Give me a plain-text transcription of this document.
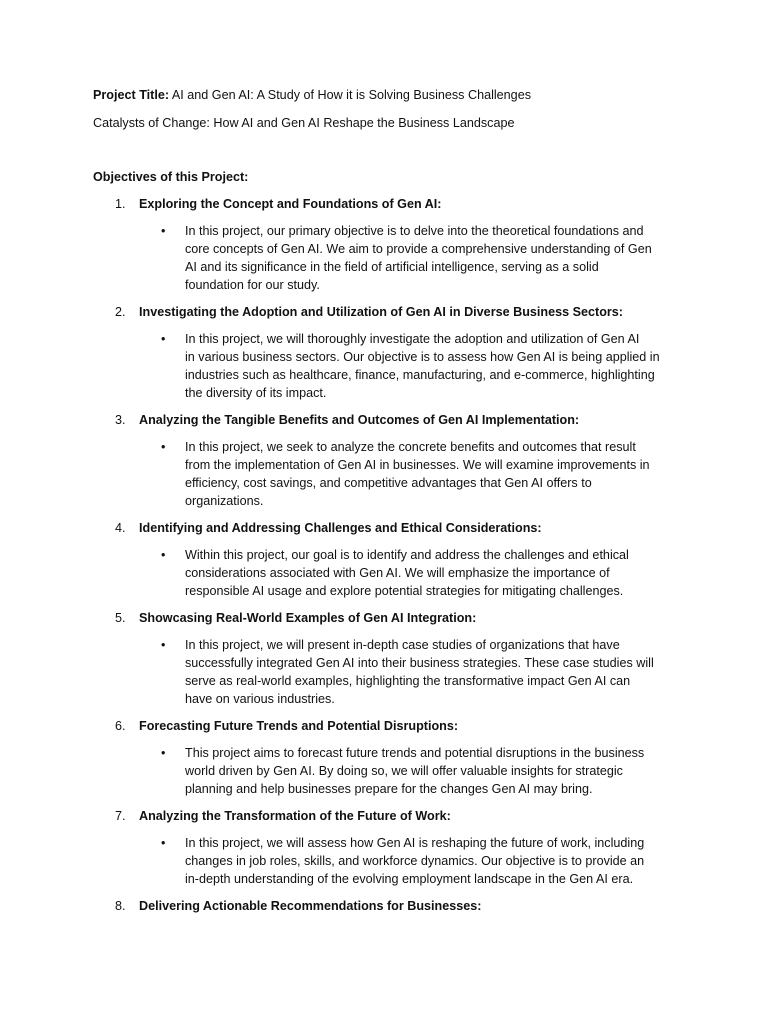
Project Title: AI and Gen AI: A Study of How it is Solving Business Challenges

Catalysts of Change: How AI and Gen AI Reshape the Business Landscape

Objectives of this Project:

1. Exploring the Concept and Foundations of Gen AI:
• In this project, our primary objective is to delve into the theoretical foundations and

core concepts of Gen AI. We aim to provide a comprehensive understanding of Gen

AI and its significance in the field of artificial intelligence, serving as a solid

foundation for our study.

2. Investigating the Adoption and Utilization of Gen AI in Diverse Business Sectors:
• In this project, we will thoroughly investigate the adoption and utilization of Gen AI

in various business sectors. Our objective is to assess how Gen AI is being applied in

industries such as healthcare, finance, manufacturing, and e-commerce, highlighting

the diversity of its impact.

3. Analyzing the Tangible Benefits and Outcomes of Gen AI Implementation:
• In this project, we seek to analyze the concrete benefits and outcomes that result

from the implementation of Gen AI in businesses. We will examine improvements in

efficiency, cost savings, and competitive advantages that Gen AI offers to

organizations.

4. Identifying and Addressing Challenges and Ethical Considerations:
• Within this project, our goal is to identify and address the challenges and ethical

considerations associated with Gen AI. We will emphasize the importance of

responsible AI usage and explore potential strategies for mitigating challenges.

5. Showcasing Real-World Examples of Gen AI Integration:
• In this project, we will present in-depth case studies of organizations that have

successfully integrated Gen AI into their business strategies. These case studies will

serve as real-world examples, highlighting the transformative impact Gen AI can

have on various industries.

6. Forecasting Future Trends and Potential Disruptions:
• This project aims to forecast future trends and potential disruptions in the business

world driven by Gen AI. By doing so, we will offer valuable insights for strategic

planning and help businesses prepare for the changes Gen AI may bring.

7. Analyzing the Transformation of the Future of Work:
• In this project, we will assess how Gen AI is reshaping the future of work, including

changes in job roles, skills, and workforce dynamics. Our objective is to provide an

in-depth understanding of the evolving employment landscape in the Gen AI era.

8. Delivering Actionable Recommendations for Businesses:
